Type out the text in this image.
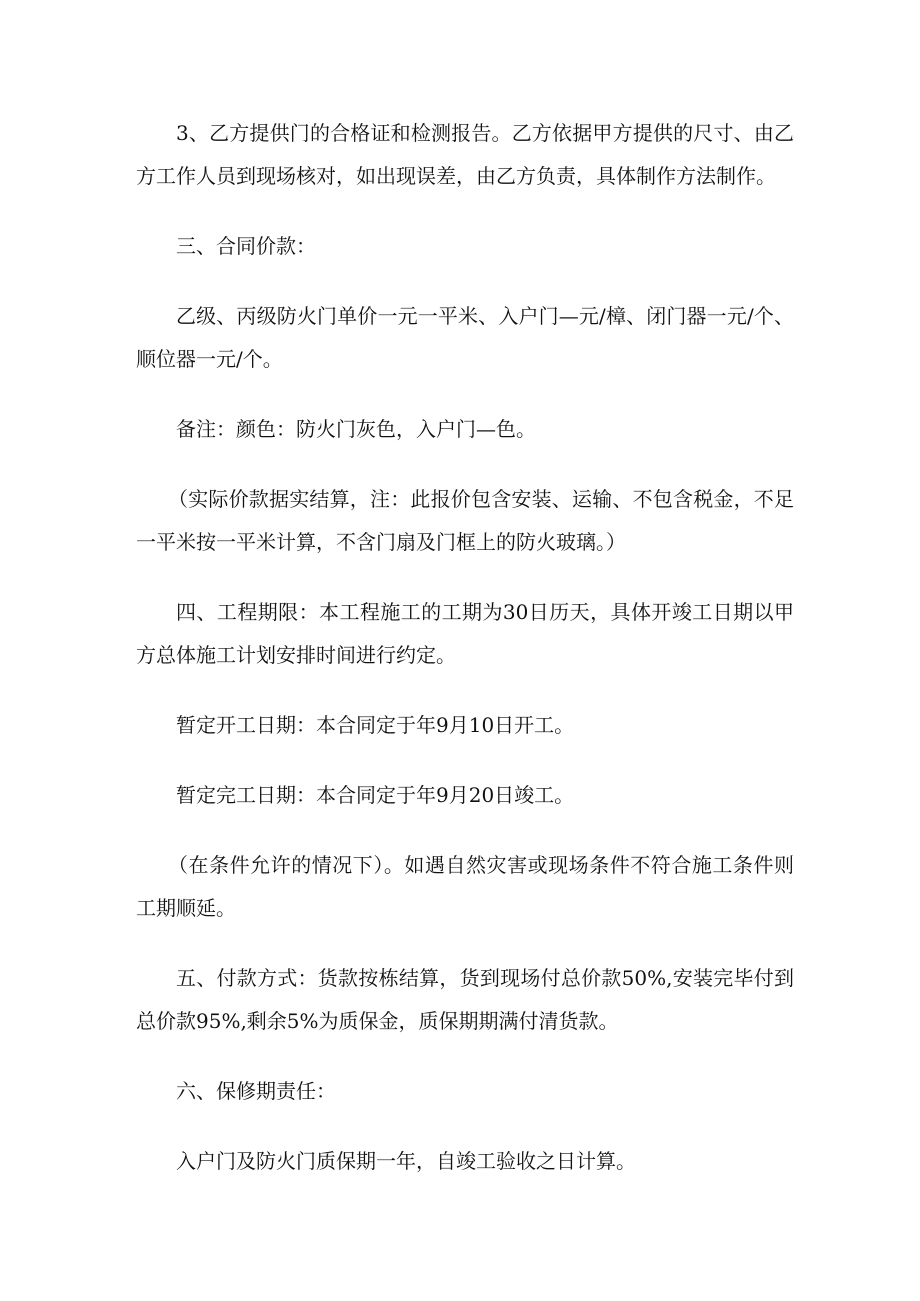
3、乙方提供门的合格证和检测报告。乙方依据甲方提供的尺寸、由乙方工作人员到现场核对，如出现误差，由乙方负责，具体制作方法制作。

三、合同价款：

乙级、丙级防火门单价一元一平米、入户门—元/樟、闭门器一元/个、顺位器一元/个。

备注：颜色：防火门灰色，入户门—色。

（实际价款据实结算，注：此报价包含安装、运输、不包含税金，不足一平米按一平米计算，不含门扇及门框上的防火玻璃。）

四、工程期限：本工程施工的工期为30日历天，具体开竣工日期以甲方总体施工计划安排时间进行约定。

暂定开工日期：本合同定于年9月10日开工。

暂定完工日期：本合同定于年9月20日竣工。

（在条件允许的情况下）。如遇自然灾害或现场条件不符合施工条件则工期顺延。

五、付款方式：货款按栋结算，货到现场付总价款50%,安装完毕付到总价款95%,剩余5%为质保金，质保期期满付清货款。

六、保修期责任：

入户门及防火门质保期一年，自竣工验收之日计算。
